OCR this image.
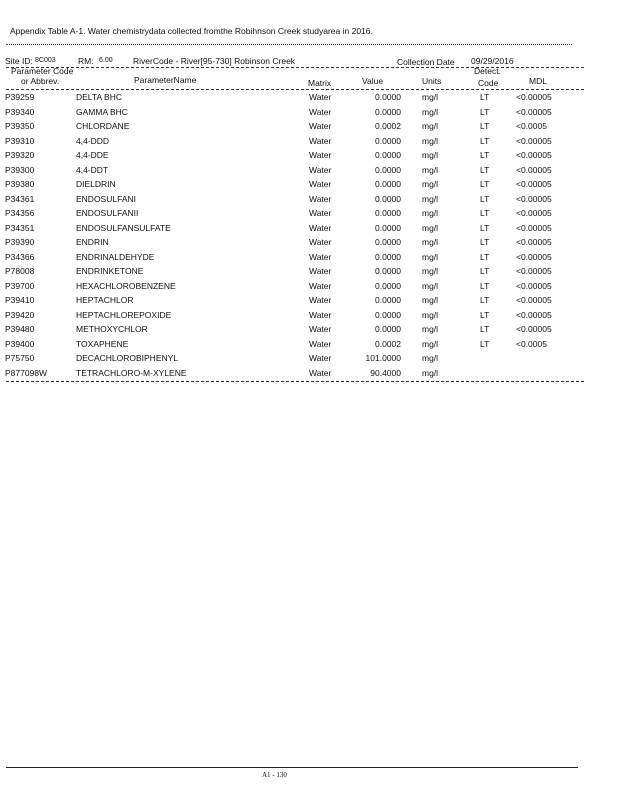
Appendix Table A-1. Water chemistrydata collected fromthe Robihnson Creek studyarea in 2016.
Site ID: 8C003	RM: 6.00 RiverCode - River[95-730] Robinson Creek	Collection Date 09/29/2016
Parameter Code
or Abbrev.	ParameterName	Matrix	Value	Units
Detect.
Code	MDL
P39259	DELTA BHC	Water	0.0000 mg/l	LT	<0.00005
P39340	GAMMA BHC	Water	0.0000 mg/l	LT	<0.00005
P39350	CHLORDANE	Water	0.0002 mg/l	LT	<0.0005
P39310	4,4-DDD	Water	0.0000 mg/l	LT	<0.00005
P39320	4,4-DDE	Water	0.0000 mg/l	LT	<0.00005
P39300	4,4-DDT	Water	0.0000 mg/l	LT	<0.00005
P39380	DIELDRIN	Water	0.0000 mg/l	LT	<0.00005
P34361	ENDOSULFANI	Water	0.0000 mg/l	LT	<0.00005
P34356	ENDOSULFANII	Water	0.0000 mg/l	LT	<0.00005
P34351	ENDOSULFANSULFATE	Water	0.0000 mg/l	LT	<0.00005
P39390	ENDRIN	Water	0.0000 mg/l	LT	<0.00005
P34366	ENDRINALDEHYDE	Water	0.0000 mg/l	LT	<0.00005
P78008	ENDRINKETONE	Water	0.0000 mg/l	LT	<0.00005
P39700	HEXACHLOROBENZENE	Water	0.0000 mg/l	LT	<0.00005
P39410	HEPTACHLOR	Water	0.0000 mg/l	LT	<0.00005
P39420	HEPTACHLOREPOXIDE	Water	0.0000 mg/l	LT	<0.00005
P39480	METHOXYCHLOR	Water	0.0000 mg/l	LT	<0.00005
P39400	TOXAPHENE	Water	0.0002 mg/l	LT	<0.0005
P75750	DECACHLOROBIPHENYL	Water	101.0000 mg/l
P877098W	TETRACHLORO-M-XYLENE	Water	90.4000 mg/l
A1 - 130
